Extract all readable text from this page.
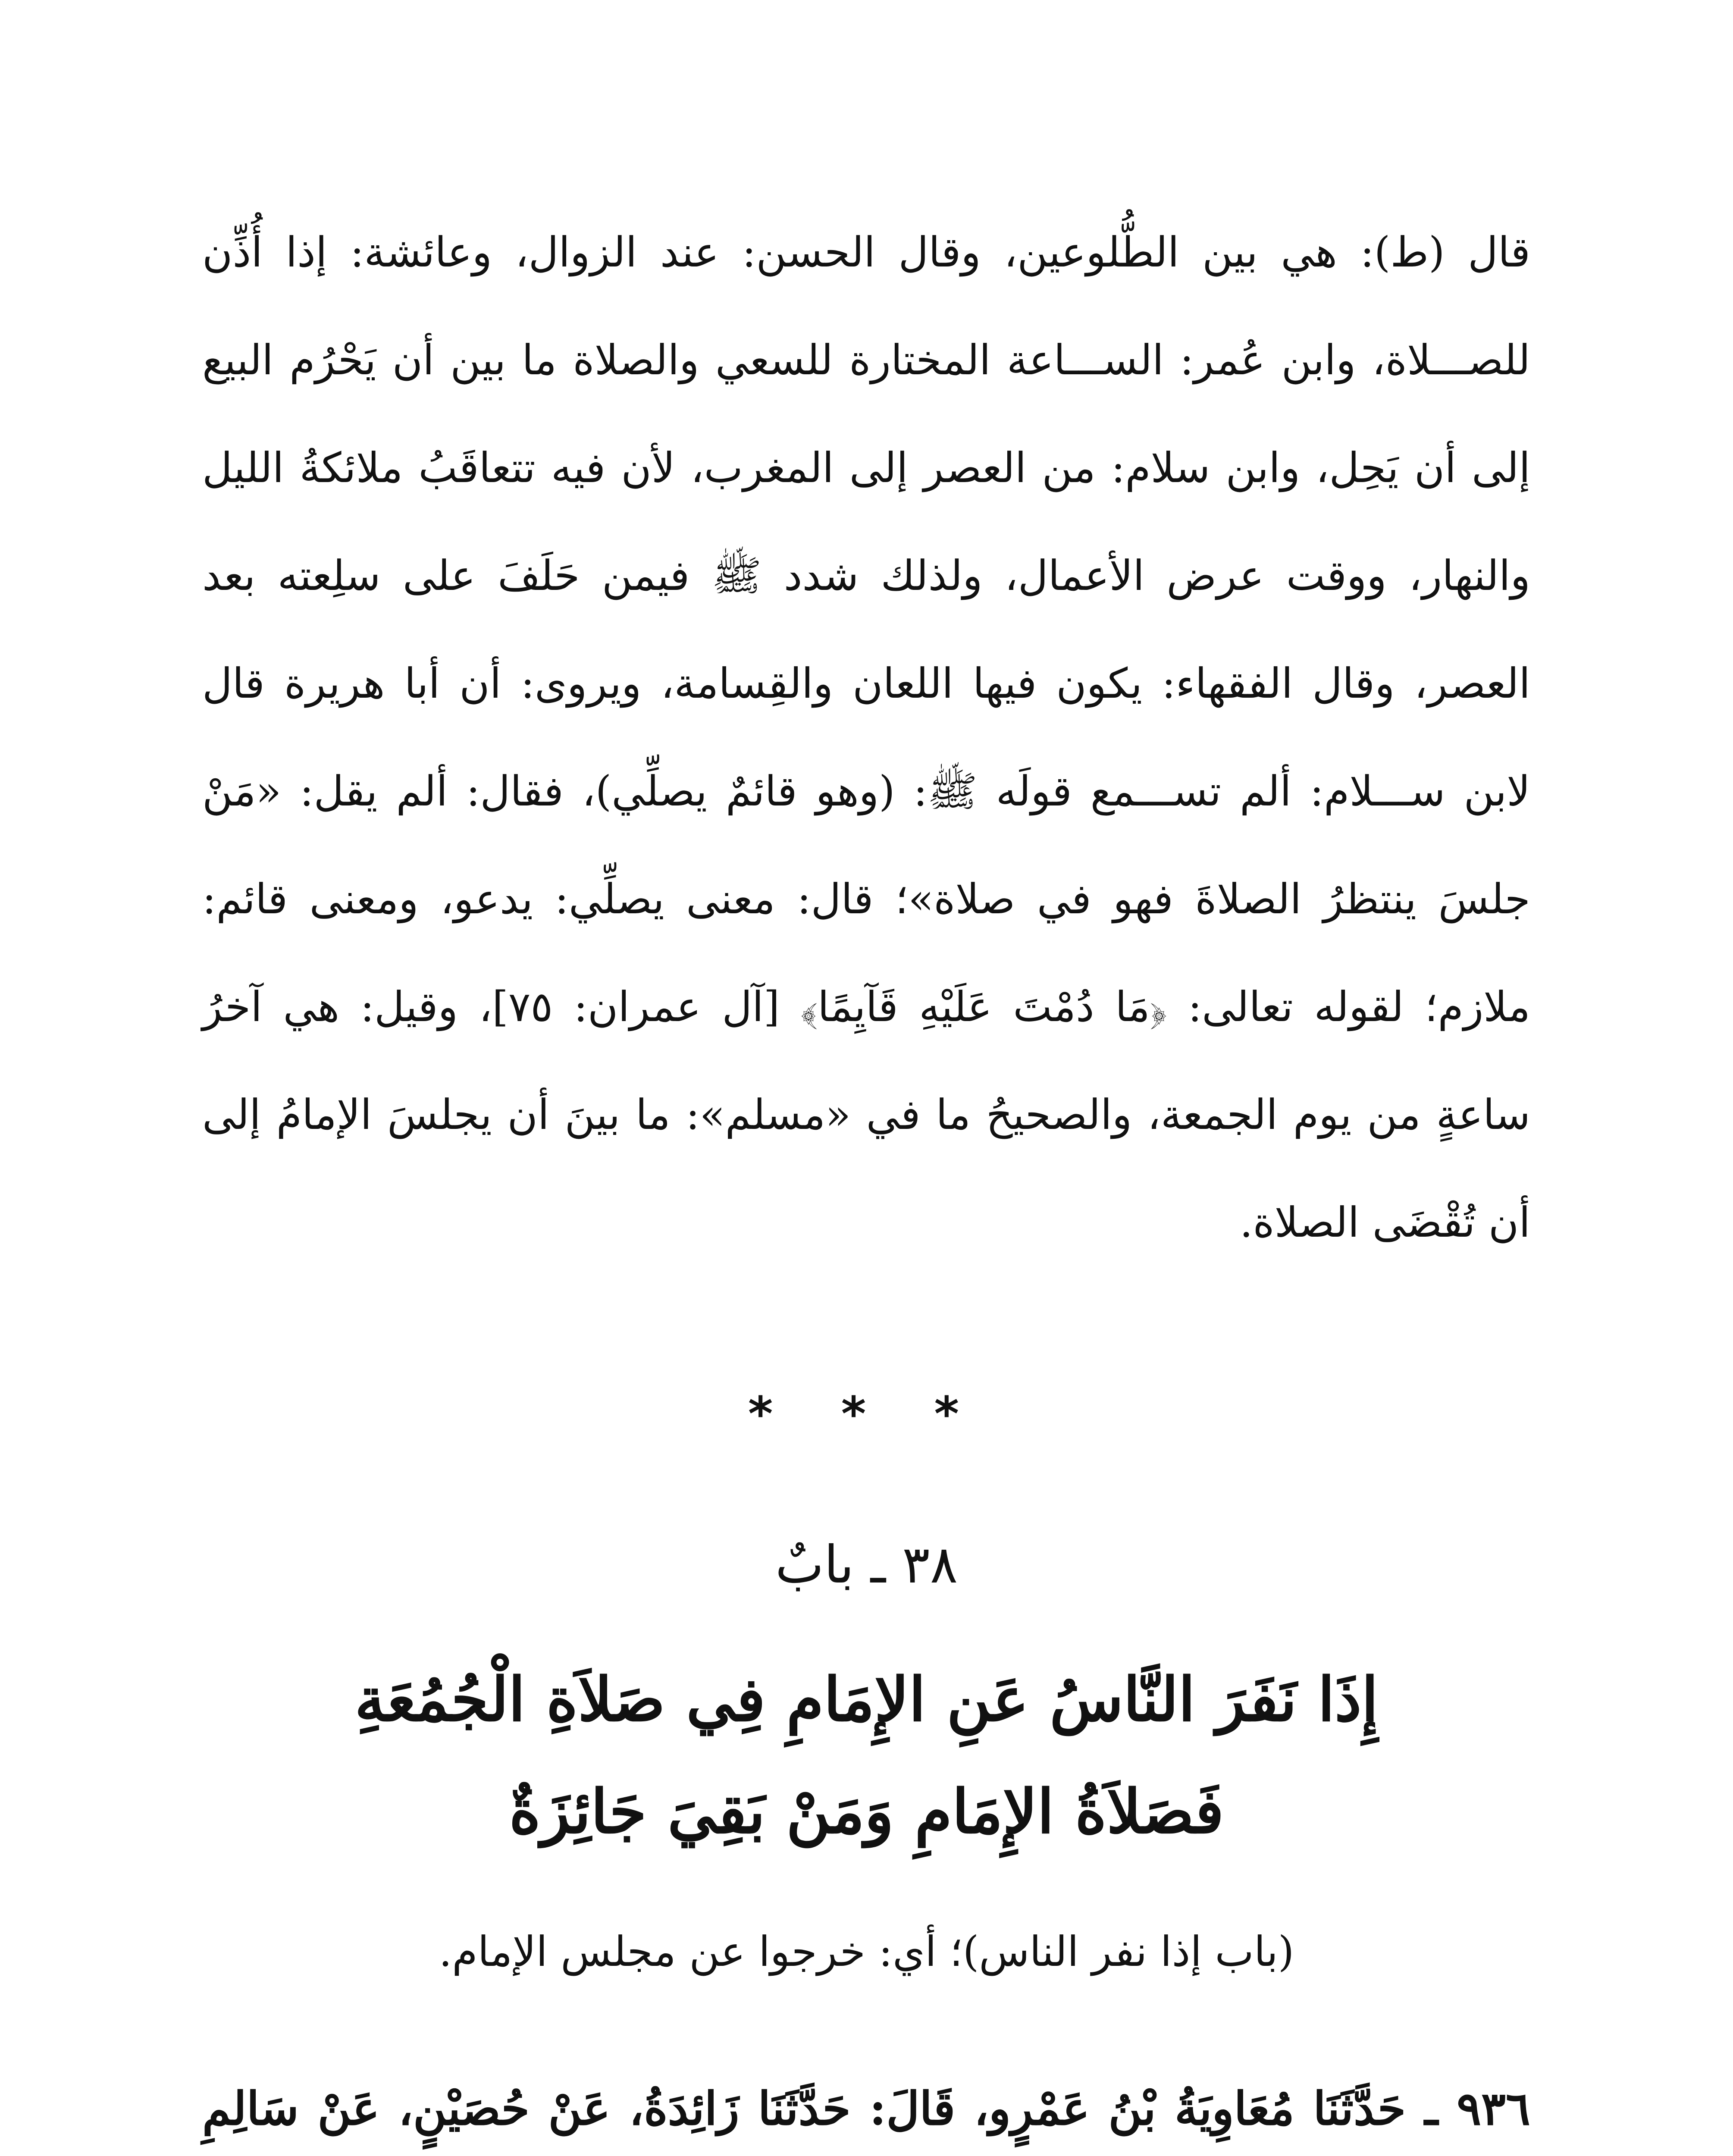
قال (ط): هي بين الطُّلوعين، وقال الحسن: عند الزوال، وعائشة: إذا أُذِّن للصـــلاة، وابن عُمر: الســـاعة المختارة للسعي والصلاة ما بين أن يَحْرُم البيع إلى أن يَحِل، وابن سلام: من العصر إلى المغرب، لأن فيه تتعاقَبُ ملائكةُ الليل والنهار، ووقت عرض الأعمال، ولذلك شدد ﷺ فيمن حَلَفَ على سلِعته بعد العصر، وقال الفقهاء: يكون فيها اللعان والقِسامة، ويروى: أن أبا هريرة قال لابن ســـلام: ألم تســـمع قولَه ﷺ: (وهو قائمٌ يصلِّي)، فقال: ألم يقل: «مَنْ جلسَ ينتظرُ الصلاةَ فهو في صلاة»؛ قال: معنى يصلِّي: يدعو، ومعنى قائم: ملازم؛ لقوله تعالى: ﴿مَا دُمْتَ عَلَيْهِ قَآيِمًا﴾ [آل عمران: ٧٥]، وقيل: هي آخرُ ساعةٍ من يوم الجمعة، والصحيحُ ما في «مسلم»: ما بينَ أن يجلسَ الإمامُ إلى أن تُقْضَى الصلاة.

* * *
٣٨ ـ بابٌ
إِذَا نَفَرَ النَّاسُ عَنِ الإِمَامِ فِي صَلاَةِ الْجُمُعَةِ
فَصَلاَةُ الإِمَامِ وَمَنْ بَقِيَ جَائِزَةٌ
(باب إذا نفر الناس)؛ أي: خرجوا عن مجلس الإمام.
٩٣٦ ـ حَدَّثَنَا مُعَاوِيَةُ بْنُ عَمْرٍو، قَالَ: حَدَّثَنَا زَائِدَةُ، عَنْ حُصَيْنٍ، عَنْ سَالِمِ
